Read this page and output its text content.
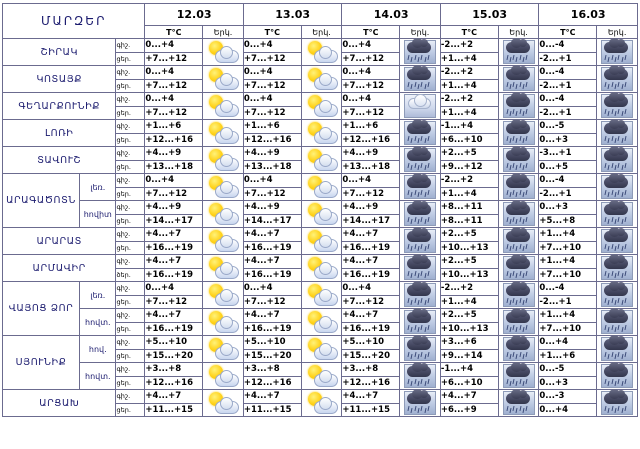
ՄԱՐԶԵՐ			12.03		13.03		14.03		15.03		16.03	
			T°C	Երկ.	T°C	Երկ.	T°C	Երկ.	T°C	Երկ.	T°C	Երկ.
ՇԻՐԱԿ		գիշ.	0...+4		0...+4		0...+4		-2...+2		0...-4	

		ցեր.	+7...+12		+7...+12		+7...+12		+1...+4		-2...+1	

ԿՈՏԱՅՔ		գիշ.	0...+4		0...+4		0...+4		-2...+2		0...-4	

		ցեր.	+7...+12		+7...+12		+7...+12		+1...+4		-2...+1	

ԳԵՂԱՐՔՈՒՆԻՔ		գիշ.	0...+4		0...+4		0...+4		-2...+2		0...-4	

		ցեր.	+7...+12		+7...+12		+7...+12		+1...+4		-2...+1	

ԼՈՌԻ		գիշ.	+1...+6		+1...+6		+1...+6		-1...+4		0...-5	

		ցեր.	+12...+16		+12...+16		+12...+16		+6...+10		0...+3	

ՏԱՎՈՒՇ		գիշ.	+4...+9		+4...+9		+4...+9		+2...+5		-3...+1	

		ցեր.	+13...+18		+13...+18		+13...+18		+9...+12		0...+5	

ԱՐԱԳԱԾՈՏՆ	լեռ.	գիշ.	0...+4		0...+4		0...+4		-2...+2		0...-4	

		ցեր.	+7...+12		+7...+12		+7...+12		+1...+4		-2...+1	

	հովիտ	գիշ.	+4...+9		+4...+9		+4...+9		+8...+11		0...+3	

		ցեր.	+14...+17		+14...+17		+14...+17		+8...+11		+5...+8	

ԱՐԱՐԱՏ		գիշ.	+4...+7		+4...+7		+4...+7		+2...+5		+1...+4	

		ցեր.	+16...+19		+16...+19		+16...+19		+10...+13		+7...+10	

ԱՐՄԱՎԻՐ		գիշ.	+4...+7		+4...+7		+4...+7		+2...+5		+1...+4	

		ծեր.	+16...+19		+16...+19		+16...+19		+10...+13		+7...+10	

ՎԱՅՈՑ ՁՈՐ	լեռ.	գիշ.	0...+4		0...+4		0...+4		-2...+2		0...-4	

		ցեր.	+7...+12		+7...+12		+7...+12		+1...+4		-2...+1	

	հովտ.	գիշ.	+4...+7		+4...+7		+4...+7		+2...+5		+1...+4	

		ցեր.	+16...+19		+16...+19		+16...+19		+10...+13		+7...+10	

ՍՅՈՒՆԻՔ	հով.	գիշ.	+5...+10		+5...+10		+5...+10		+3...+6		0...+4	

		ցեր.	+15...+20		+15...+20		+15...+20		+9...+14		+1...+6	

	հովտ.	գիշ.	+3...+8		+3...+8		+3...+8		-1...+4		0...-5	

		ցեր.	+12...+16		+12...+16		+12...+16		+6...+10		0...+3	

ԱՐՑԱԽ		գիշ.	+4...+7		+4...+7		+4...+7		+4...+7		0...-3	

		ցեր.	+11...+15		+11...+15		+11...+15		+6...+9		0...+4	
